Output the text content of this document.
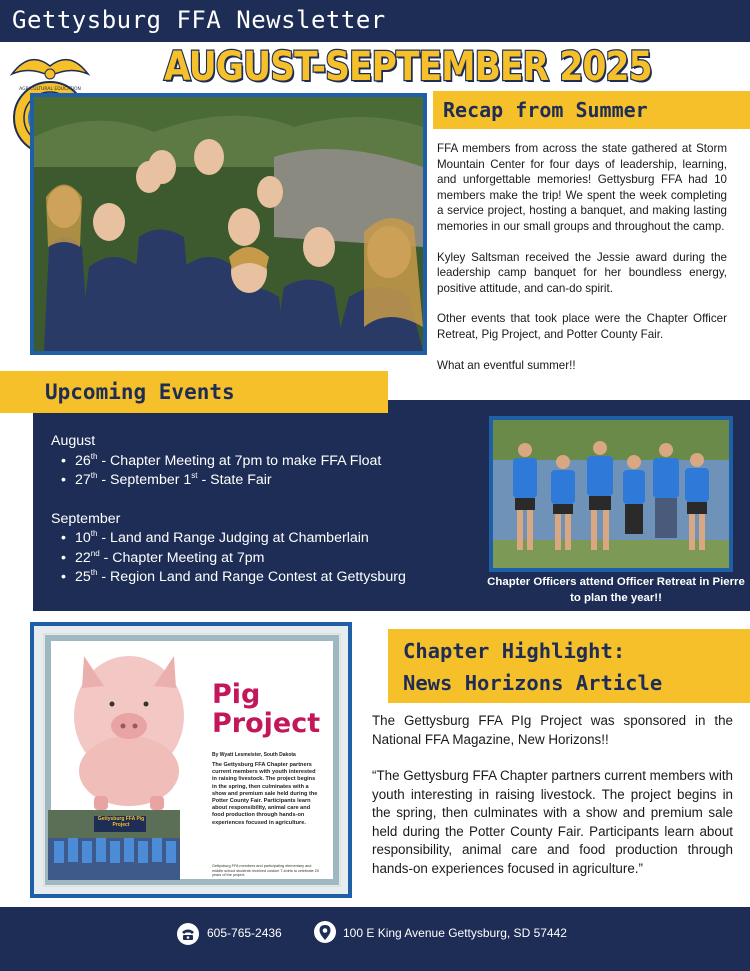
Gettysburg FFA Newsletter
AGRICULTURAL EDUCATION AUGUST-SEPTEMBER 2025
Recap from Summer

FFA members from across the state gathered at Storm Mountain Center for four days of leadership, learning, and unforgettable memories! Gettysburg FFA had 10 members make the trip! We spent the week completing a service project, hosting a banquet, and making lasting memories in our small groups and throughout the camp.

Kyley Saltsman received the Jessie award during the leadership camp banquet for her boundless energy, positive attitude, and can-do spirit.

Other events that took place were the Chapter Officer Retreat, Pig Project, and Potter County Fair.

What an eventful summer!!

Upcoming Events
August
• 26th - Chapter Meeting at 7pm to make FFA Float
• 27th - September 1st - State Fair
September
• 10th - Land and Range Judging at Chamberlain
• 22nd - Chapter Meeting at 7pm
• 25th - Region Land and Range Contest at Gettysburg	Chapter Officers attend Officer Retreat in Pierre to plan the year!!
Pig
Project
By Wyatt Lesmeister, South Dakota
The Gettysburg FFA Chapter partners current members with youth interested in raising livestock. The project begins in the spring, then culminates with a show and premium sale held during the Potter County Fair. Participants learn about responsibility, animal care and food production through hands-on experiences focused in agriculture.
Gettysburg FFA members and participating elementary and middle school students received custom T-shirts to celebrate 20 years of the project.
Gettysburg FFA Pig Project
Chapter Highlight:
News Horizons Article

The Gettysburg FFA PIg Project was sponsored in the National FFA Magazine, New Horizons!!

“The Gettysburg FFA Chapter partners current members with youth interesting in raising livestock. The project begins in the spring, then culminates with a show and premium sale held during the Potter County Fair. Participants learn about responsibility, animal care and food production through hands-on experiences focused in agriculture.”

605-765-2436	100 E King Avenue Gettysburg, SD 57442
